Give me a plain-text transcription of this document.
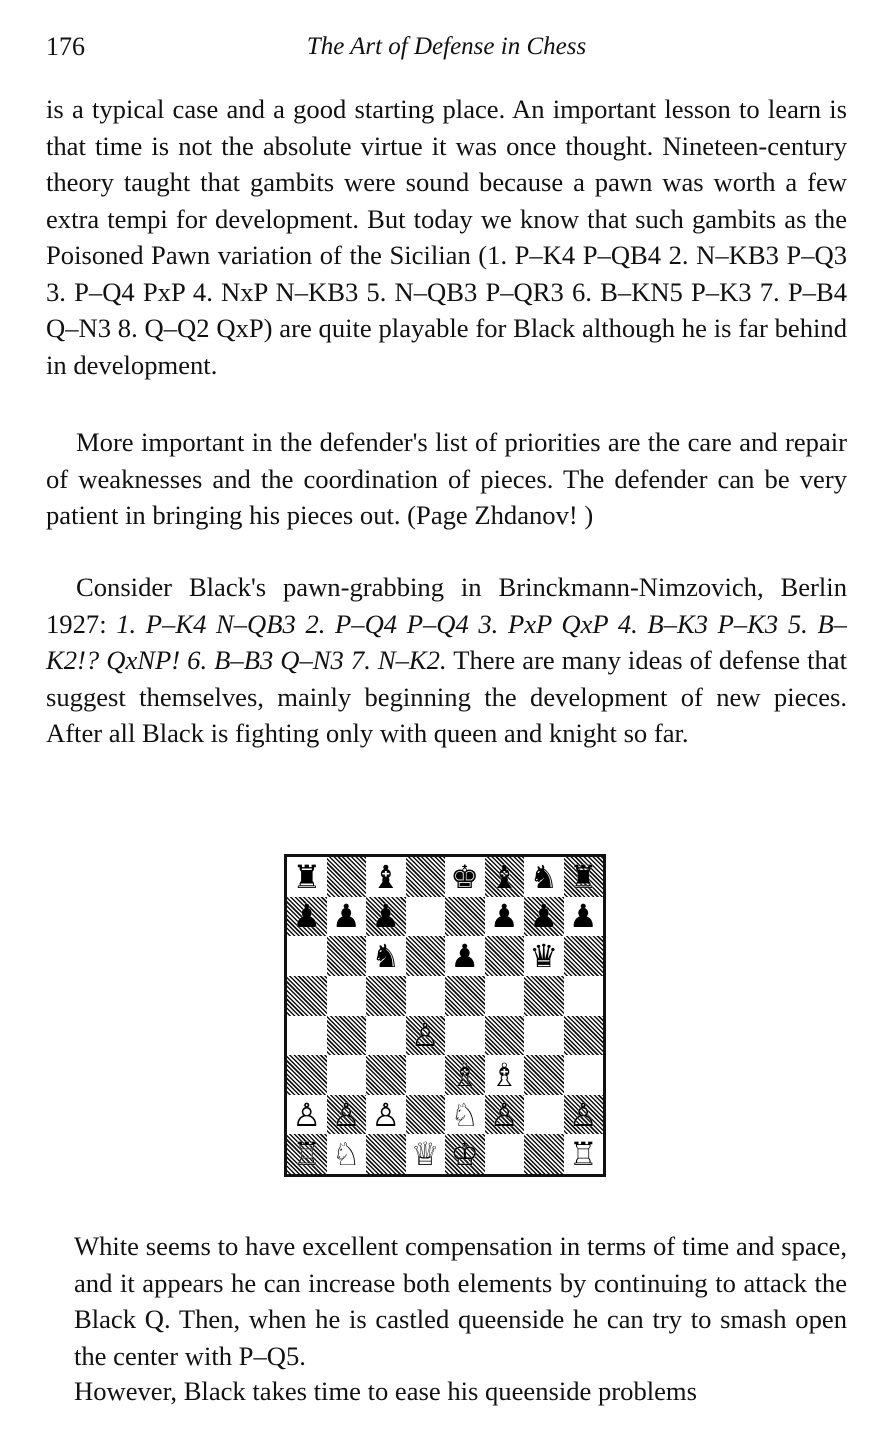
176	The Art of Defense in Chess

is a typical case and a good starting place. An important lesson to learn is that time is not the absolute virtue it was once thought. Nineteen-century theory taught that gambits were sound because a pawn was worth a few extra tempi for development. But today we know that such gambits as the Poisoned Pawn variation of the Sicilian (1. P–K4 P–QB4 2. N–KB3 P–Q3 3. P–Q4 PxP 4. NxP N–KB3 5. N–QB3 P–QR3 6. B–KN5 P–K3 7. P–B4 Q–N3 8. Q–Q2 QxP) are quite playable for Black although he is far behind in development.

More important in the defender's list of priorities are the care and repair of weaknesses and the coordination of pieces. The defender can be very patient in bringing his pieces out. (Page Zhdanov! )

Consider Black's pawn-grabbing in Brinckmann-Nimzovich, Berlin 1927: 1. P–K4 N–QB3 2. P–Q4 P–Q4 3. PxP QxP 4. B–K3 P–K3 5. B–K2!? QxNP! 6. B–B3 Q–N3 7. N–K2. There are many ideas of defense that suggest themselves, mainly beginning the development of new pieces. After all Black is fighting only with queen and knight so far.

♜ ♝ ♚ ♝ ♞ ♜
♟ ♟ ♟	♟ ♟ ♟
♞ ♟ ♛
♙
♗ ♗
♙ ♙ ♙ ♘ ♙ ♙
♖ ♘ ♕ ♔	♖

White seems to have excellent compensation in terms of time and space, and it appears he can increase both elements by continuing to attack the Black Q. Then, when he is castled queenside he can try to smash open the center with P–Q5.

However, Black takes time to ease his queenside problems
